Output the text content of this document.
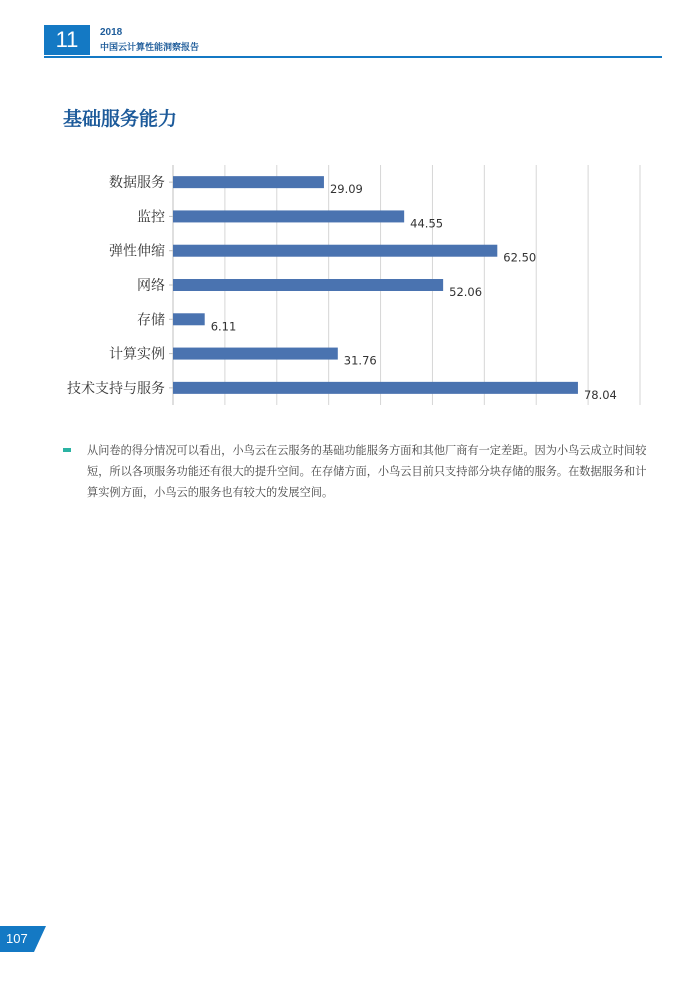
11	2018
中国云计算性能洞察报告
基础服务能力
数据服务	29.09
监控	44.55
弹性伸缩	62.50
网络	52.06
存储	6.11
计算实例	31.76
技术支持与服务	78.04

从问卷的得分情况可以看出，小鸟云在云服务的基础功能服务方面和其他厂商有一定差距。因为小鸟云成立时间较短，所以各项服务功能还有很大的提升空间。在存储方面，小鸟云目前只支持部分块存储的服务。在数据服务和计算实例方面，小鸟云的服务也有较大的发展空间。

107
